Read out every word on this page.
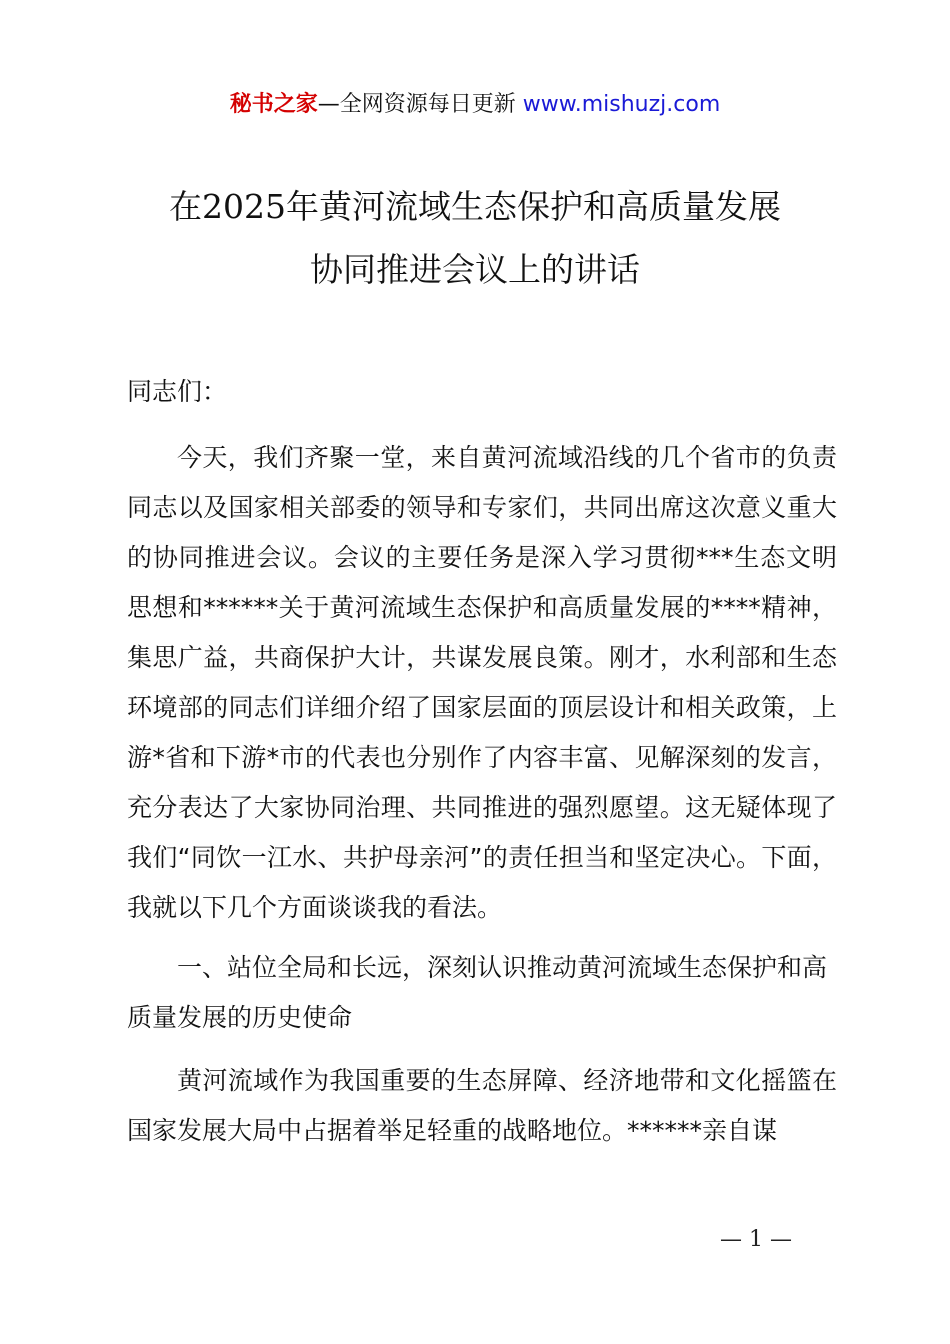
秘书之家—全网资源每日更新 www.mishuzj.com
在2025年黄河流域生态保护和高质量发展
协同推进会议上的讲话
同志们：

今天，我们齐聚一堂，来自黄河流域沿线的几个省市的负责同志以及国家相关部委的领导和专家们，共同出席这次意义重大的协同推进会议。会议的主要任务是深入学习贯彻***生态文明思想和******关于黄河流域生态保护和高质量发展的****精神，集思广益，共商保护大计，共谋发展良策。刚才，水利部和生态环境部的同志们详细介绍了国家层面的顶层设计和相关政策，上游*省和下游*市的代表也分别作了内容丰富、见解深刻的发言，充分表达了大家协同治理、共同推进的强烈愿望。这无疑体现了我们“同饮一江水、共护母亲河”的责任担当和坚定决心。下面，我就以下几个方面谈谈我的看法。

一、站位全局和长远，深刻认识推动黄河流域生态保护和高质量发展的历史使命

黄河流域作为我国重要的生态屏障、经济地带和文化摇篮在国家发展大局中占据着举足轻重的战略地位。******亲自谋

— 1 —
